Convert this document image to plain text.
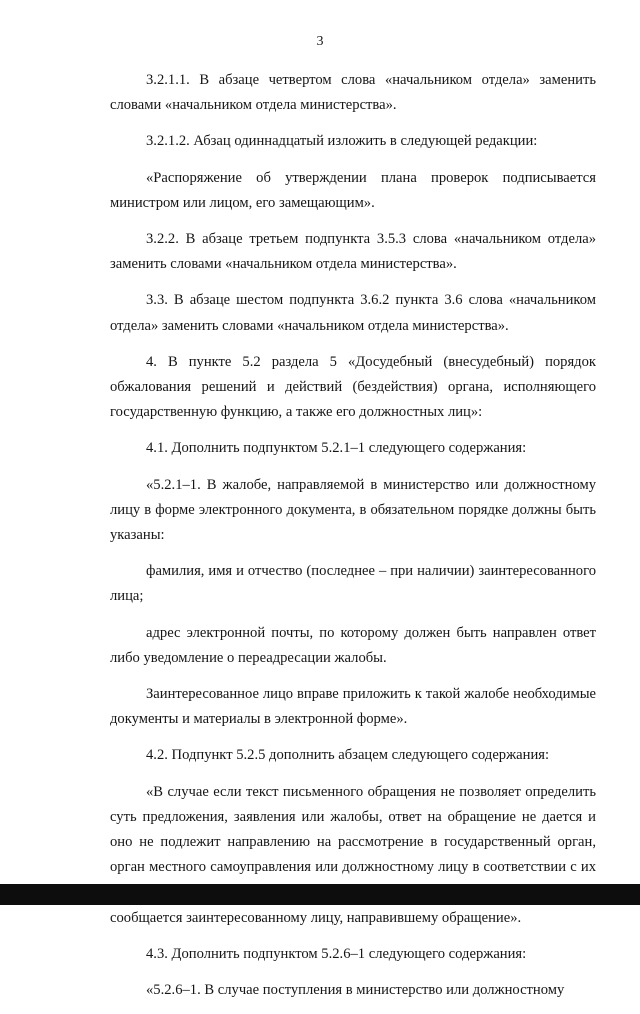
3

3.2.1.1. В абзаце четвертом слова «начальником отдела» заменить словами «начальником отдела министерства».

3.2.1.2. Абзац одиннадцатый изложить в следующей редакции:

«Распоряжение об утверждении плана проверок подписывается министром или лицом, его замещающим».

3.2.2. В абзаце третьем подпункта 3.5.3 слова «начальником отдела» заменить словами «начальником отдела министерства».

3.3. В абзаце шестом подпункта 3.6.2 пункта 3.6 слова «начальником отдела» заменить словами «начальником отдела министерства».

4. В пункте 5.2 раздела 5 «Досудебный (внесудебный) порядок обжалования решений и действий (бездействия) органа, исполняющего государственную функцию, а также его должностных лиц»:

4.1. Дополнить подпунктом 5.2.1–1 следующего содержания:

«5.2.1–1. В жалобе, направляемой в министерство или должностному лицу в форме электронного документа, в обязательном порядке должны быть указаны:

фамилия, имя и отчество (последнее – при наличии) заинтересованного лица;

адрес электронной почты, по которому должен быть направлен ответ либо уведомление о переадресации жалобы.

Заинтересованное лицо вправе приложить к такой жалобе необходимые документы и материалы в электронной форме».

4.2. Подпункт 5.2.5 дополнить абзацем следующего содержания:

«В случае если текст письменного обращения не позволяет определить суть предложения, заявления или жалобы, ответ на обращение не дается и оно не подлежит направлению на рассмотрение в государственный орган, орган местного самоуправления или должностному лицу в соответствии с их сообщается заинтересованному лицу, направившему обращение».

4.3. Дополнить подпунктом 5.2.6–1 следующего содержания:

«5.2.6–1. В случае поступления в министерство или должностному
